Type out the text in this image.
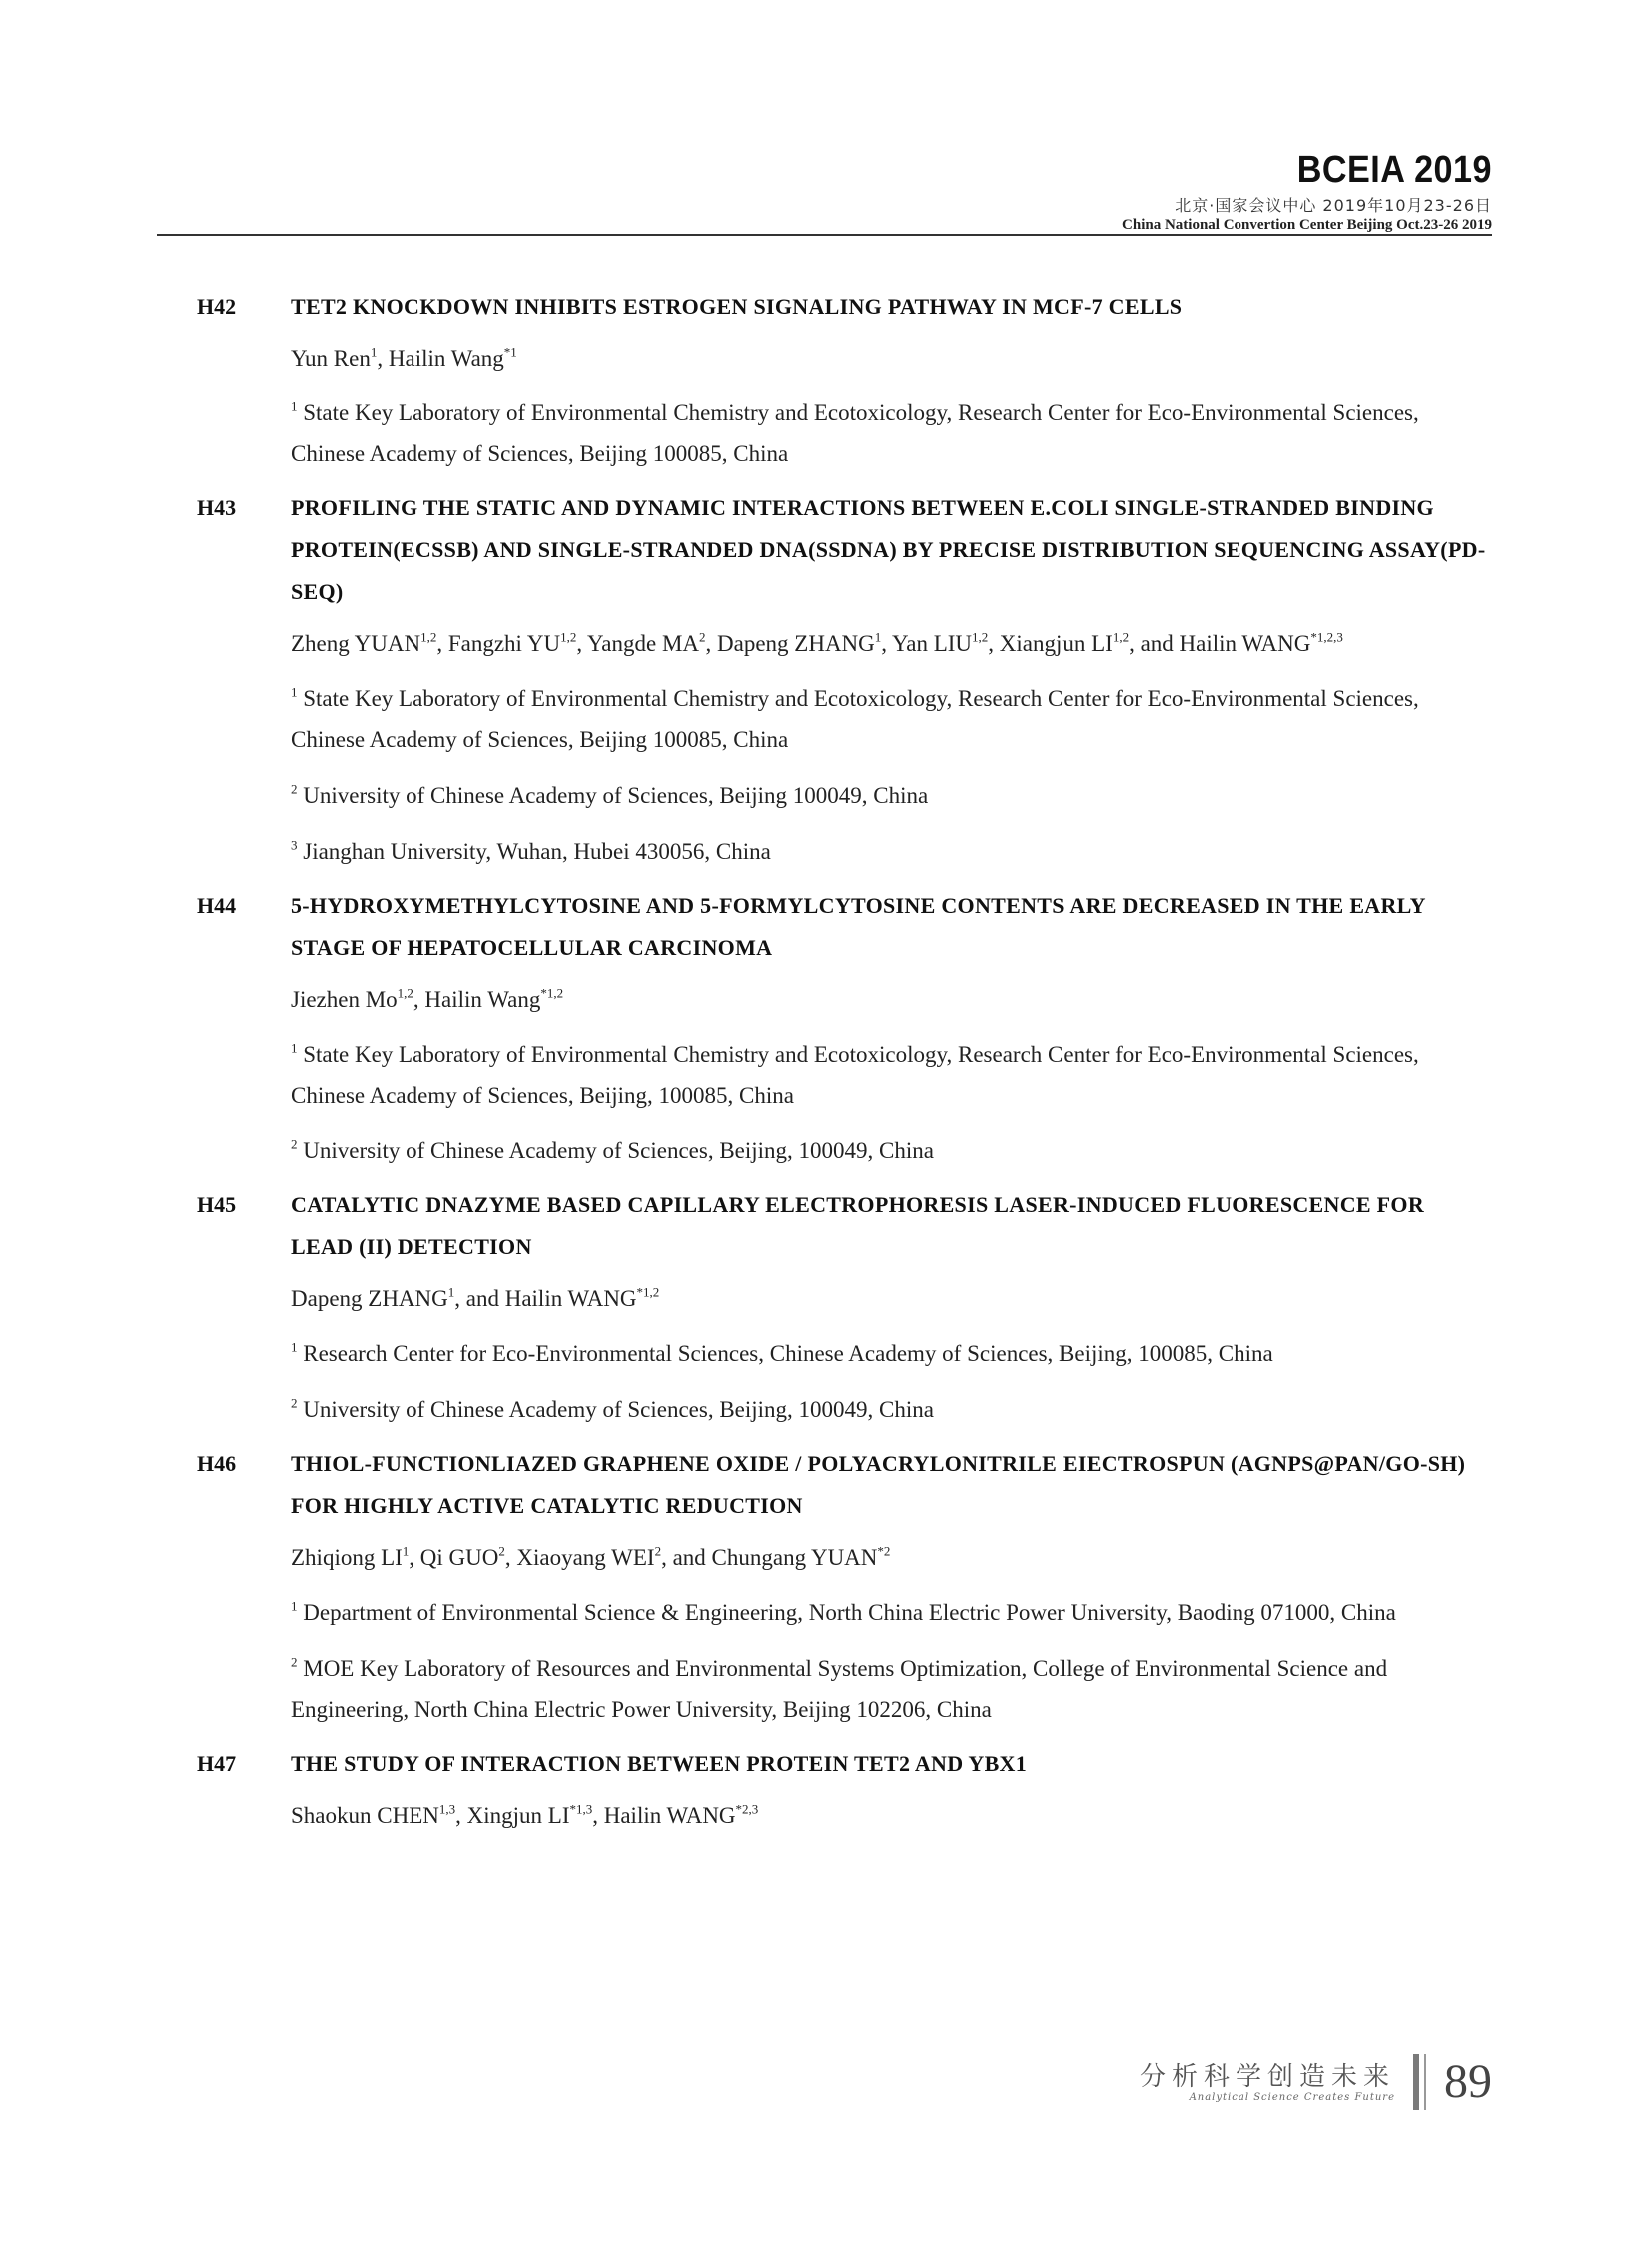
BCEIA 2019
北京·国家会议中心 2019年10月23-26日
China National Convertion Center Beijing Oct.23-26 2019
H42 TET2 KNOCKDOWN INHIBITS ESTROGEN SIGNALING PATHWAY IN MCF-7 CELLS
Yun Ren$^1$, Hailin Wang$^{*1}$
$^1$ State Key Laboratory of Environmental Chemistry and Ecotoxicology, Research Center for Eco-Environmental Sciences, Chinese Academy of Sciences, Beijing 100085, China
H43 PROFILING THE STATIC AND DYNAMIC INTERACTIONS BETWEEN E.COLI SINGLE-STRANDED BINDING PROTEIN(ECSSB) AND SINGLE-STRANDED DNA(SSDNA) BY PRECISE DISTRIBUTION SEQUENCING ASSAY(PD-SEQ)
Zheng YUAN$^{1,2}$, Fangzhi YU$^{1,2}$, Yangde $MA^2$, Dapeng ZHANG$^1$, Yan LIU$^{1,2}$, Xiangjun LI$^{1,2}$, and Hailin WANG$^{*1,2,3}$
$^1$ State Key Laboratory of Environmental Chemistry and Ecotoxicology, Research Center for Eco-Environmental Sciences, Chinese Academy of Sciences, Beijing 100085, China
$^2$ University of Chinese Academy of Sciences, Beijing 100049, China
$^3$ Jianghan University, Wuhan, Hubei 430056, China
H44 5-HYDROXYMETHYLCYTOSINE AND 5-FORMYLCYTOSINE CONTENTS ARE DECREASED IN THE EARLY STAGE OF HEPATOCELLULAR CARCINOMA
Jiezhen Mo$^{1,2}$, Hailin Wang$^{*1,2}$
$^1$ State Key Laboratory of Environmental Chemistry and Ecotoxicology, Research Center for Eco-Environmental Sciences, Chinese Academy of Sciences, Beijing, 100085, China
$^2$ University of Chinese Academy of Sciences, Beijing, 100049, China
H45 CATALYTIC DNAZYME BASED CAPILLARY ELECTROPHORESIS LASER-INDUCED FLUORESCENCE FOR LEAD (II) DETECTION
Dapeng ZHANG$^1$, and Hailin WANG$^{*1,2}$
$^1$ Research Center for Eco-Environmental Sciences, Chinese Academy of Sciences, Beijing, 100085, China
$^2$ University of Chinese Academy of Sciences, Beijing, 100049, China
H46 THIOL-FUNCTIONLIAZED GRAPHENE OXIDE / POLYACRYLONITRILE EIECTROSPUN (AGNPS@PAN/GO-SH) FOR HIGHLY ACTIVE CATALYTIC REDUCTION
Zhiqiong $LI^1$, Qi GUO$^2$, Xiaoyang WEI$^2$, and Chungang YUAN$^{*2}$
$^1$ Department of Environmental Science & Engineering, North China Electric Power University, Baoding 071000, China
$^2$ MOE Key Laboratory of Resources and Environmental Systems Optimization, College of Environmental Science and Engineering, North China Electric Power University, Beijing 102206, China
H47 THE STUDY OF INTERACTION BETWEEN PROTEIN TET2 AND YBX1
Shaokun CHEN$^{1,3}$, Xingjun LI$^{*1,3}$, Hailin WANG$^{*2,3}$
分析科学创造未来
Analytical Science Creates Future 89
